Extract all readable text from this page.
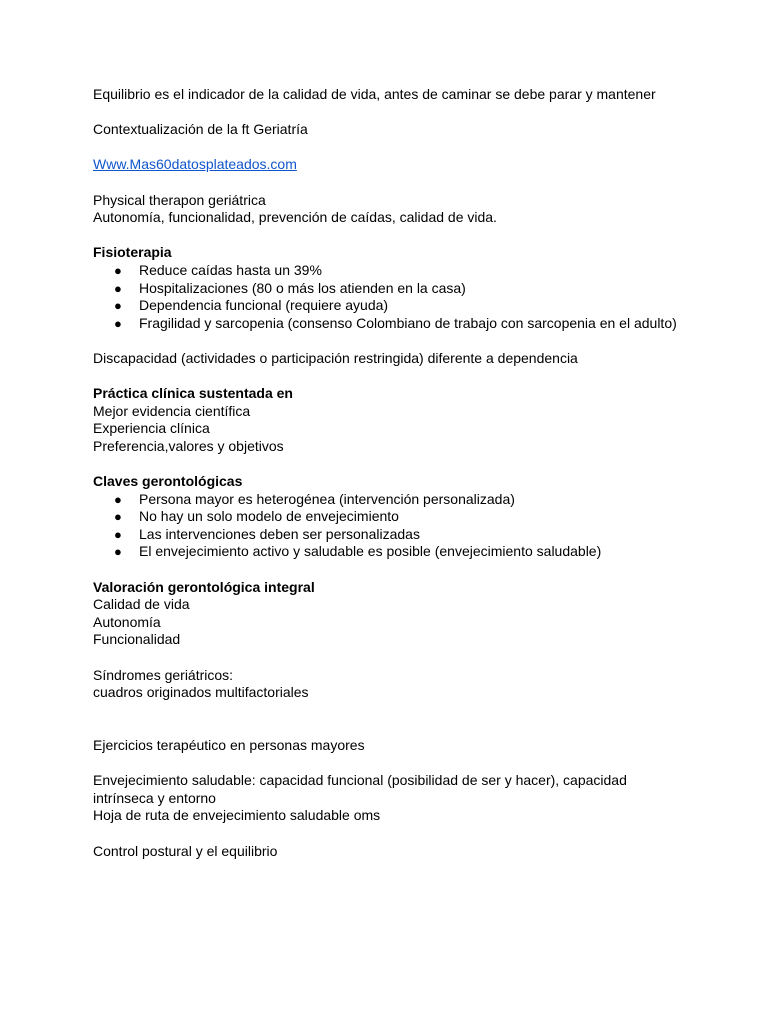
Equilibrio es el indicador de la calidad de vida, antes de caminar se debe parar y mantener

Contextualización de la ft Geriatría

Www.Mas60datosplateados.com

Physical therapon geriátrica

Autonomía, funcionalidad, prevención de caídas, calidad de vida.

Fisioterapia

● Reduce caídas hasta un 39%
● Hospitalizaciones (80 o más los atienden en la casa)
● Dependencia funcional (requiere ayuda)
● Fragilidad y sarcopenia (consenso Colombiano de trabajo con sarcopenia en el adulto)

Discapacidad (actividades o participación restringida) diferente a dependencia

Práctica clínica sustentada en

Mejor evidencia científica

Experiencia clínica

Preferencia,valores y objetivos

Claves gerontológicas

● Persona mayor es heterogénea (intervención personalizada)
● No hay un solo modelo de envejecimiento
● Las intervenciones deben ser personalizadas
● El envejecimiento activo y saludable es posible (envejecimiento saludable)

Valoración gerontológica integral

Calidad de vida

Autonomía

Funcionalidad

Síndromes geriátricos:

cuadros originados multifactoriales

Ejercicios terapéutico en personas mayores

Envejecimiento saludable: capacidad funcional (posibilidad de ser y hacer), capacidad intrínseca y entorno

Hoja de ruta de envejecimiento saludable oms

Control postural y el equilibrio
